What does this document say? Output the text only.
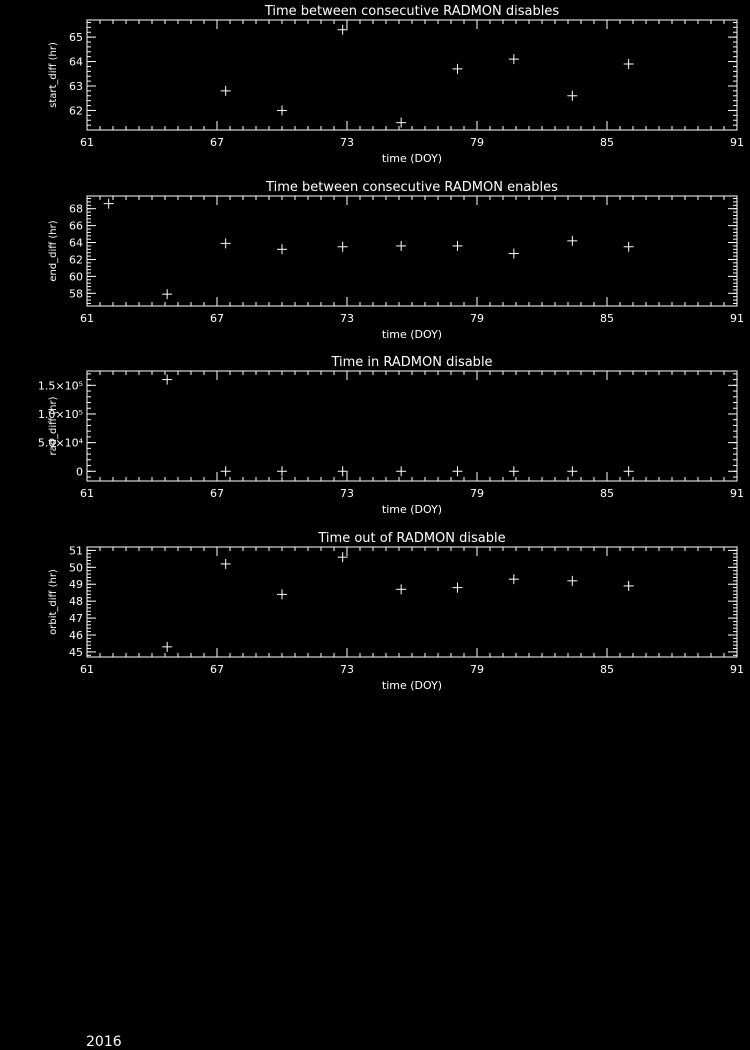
Time between consecutive RADMON disables
time (DOY)
start_diff (hr)
61	67	73	79	85	91
62
63
64
65
Time between consecutive RADMON enables
time (DOY)
end_diff (hr)
61	67	73	79	85	91
58
60
62
64
66
68
Time in RADMON disable
time (DOY)
rad_diff (hr)
61	67	73	79	85	91
0
5.0×10⁴
1.0×10⁵
1.5×10⁵
Time out of RADMON disable
time (DOY)
orbit_diff (hr)
61	67	73	79	85	91
45
46
47
48
49
50
51
2016
